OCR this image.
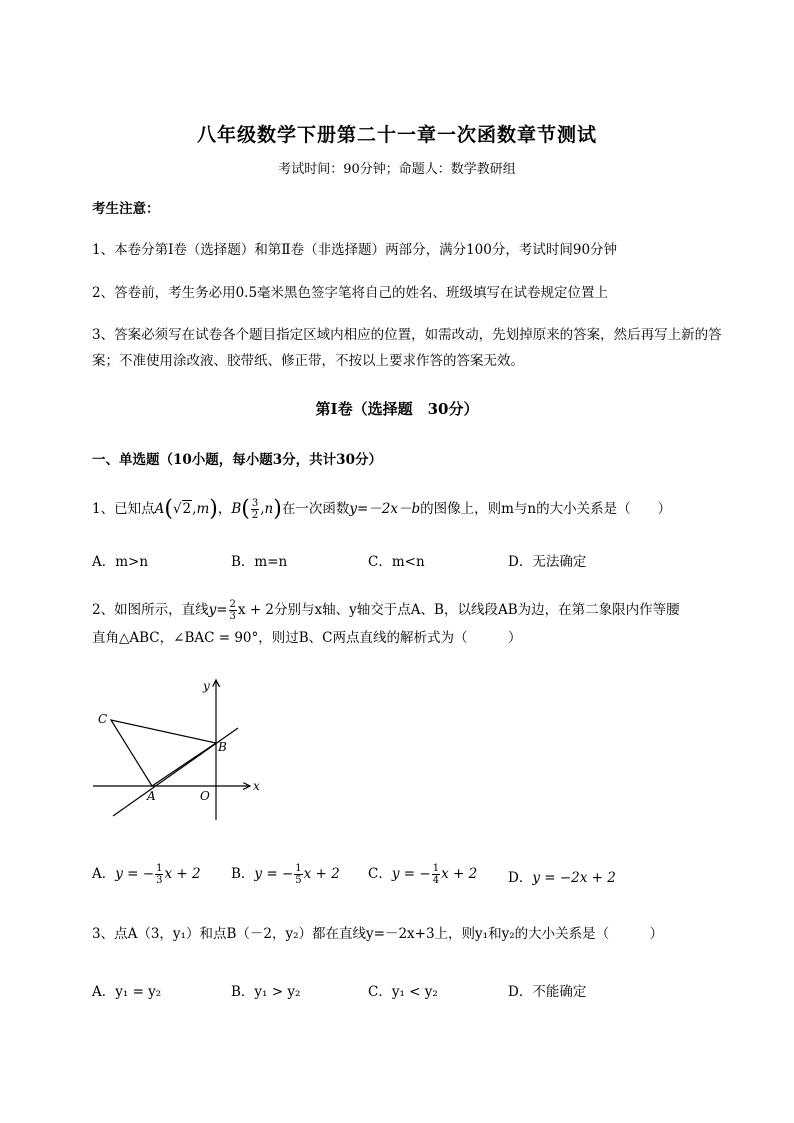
八年级数学下册第二十一章一次函数章节测试
考试时间：90分钟；命题人：数学教研组
考生注意：
1、本卷分第I卷（选择题）和第Ⅱ卷（非选择题）两部分，满分100分，考试时间90分钟
2、答卷前，考生务必用0.5毫米黑色签字笔将自己的姓名、班级填写在试卷规定位置上
3、答案必须写在试卷各个题目指定区域内相应的位置，如需改动，先划掉原来的答案，然后再写上新的答案；不准使用涂改液、胶带纸、修正带，不按以上要求作答的答案无效。
第I卷（选择题　30分）
一、单选题（10小题，每小题3分，共计30分）
1、已知点A(√2,m)，$B( \frac{3}{2} ,n)$在一次函数y=－2x－b的图像上，则m与n的大小关系是（　　）
A．m>n	B．m=n	C．m<n	D．无法确定
2、如图所示，直线$y= \frac{2}{3}$ x + 2分别与x轴、y轴交于点A、B，以线段AB为边，在第二象限内作等腰
直角△ABC，∠BAC = 90°，则过B、C两点直线的解析式为（　　　）
y
x
A
B
C
O
A．y = − $\frac{1}{3}$ x + 2 B．y = − $\frac{1}{5}$ x + 2 C．y = − $\frac{1}{4}$ x + 2 D．y = −2x + 2
3、点A（3，y₁）和点B（－2，y₂）都在直线y=－2x+3上，则y₁和y₂的大小关系是（　　　）
A．y₁ = y₂	B．y₁ > y₂	C．y₁ < y₂	D．不能确定
